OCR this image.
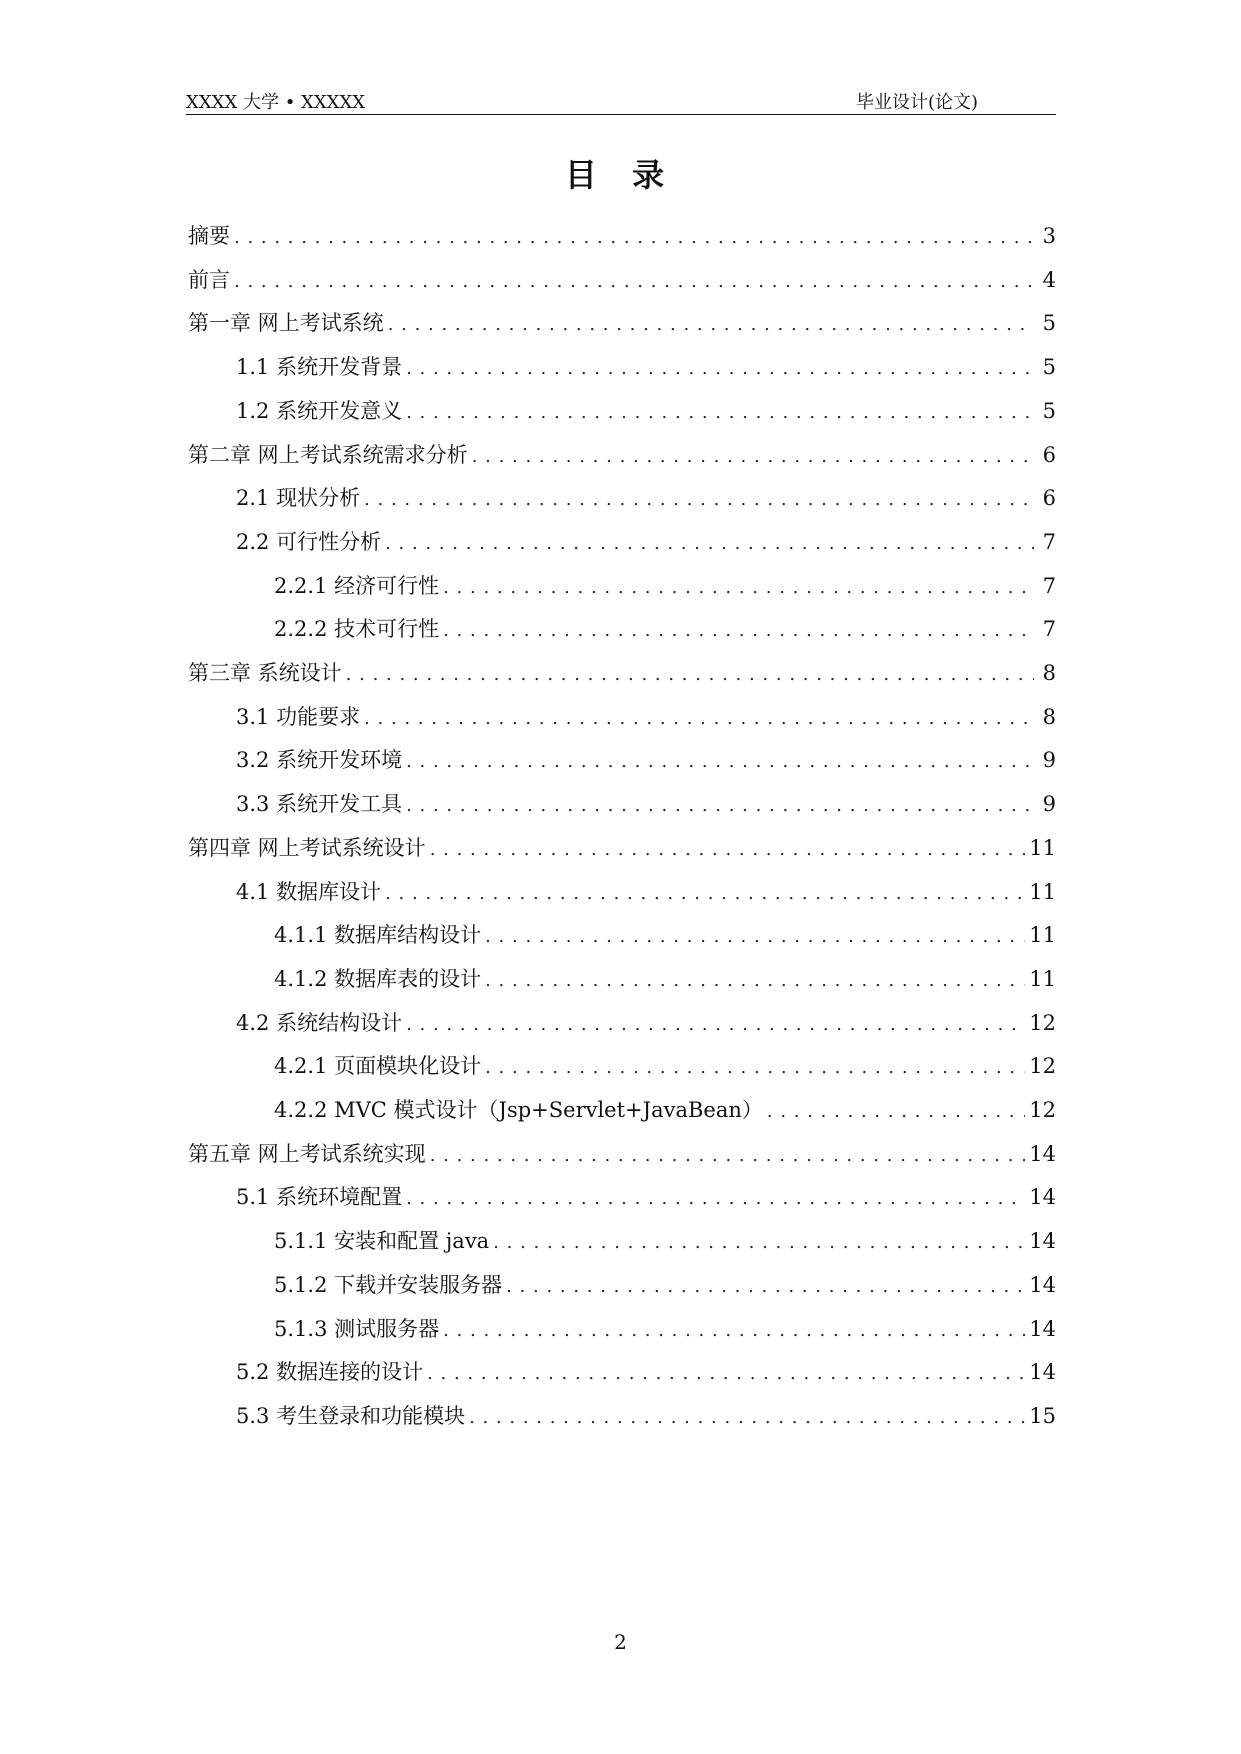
XXXX 大学 • XXXXX	毕业设计(论文)
目 录
摘要 . . .	3
前言 . . .	4
第一章 网上考试系统 . . .	5
1.1 系统开发背景 . . .	5
1.2 系统开发意义 . . .	5
第二章 网上考试系统需求分析 . . .	6
2.1 现状分析 . . .	6
2.2 可行性分析 . . .	7
2.2.1 经济可行性 . . .	7
2.2.2 技术可行性 . . .	7
第三章 系统设计 . . .	8
3.1 功能要求 . . .	8
3.2 系统开发环境 . . .	9
3.3 系统开发工具 . . .	9
第四章 网上考试系统设计 . . .	11
4.1 数据库设计 . . .	11
4.1.1 数据库结构设计 . . .	11
4.1.2 数据库表的设计 . . .	11
4.2 系统结构设计 . . .	12
4.2.1 页面模块化设计 . . .	12
4.2.2 MVC 模式设计（Jsp+Servlet+JavaBean） . . .	12
第五章 网上考试系统实现 . . .	14
5.1 系统环境配置 . . .	14
5.1.1 安装和配置 java . . .	14
5.1.2 下载并安装服务器 . . .	14
5.1.3 测试服务器 . . .	14
5.2 数据连接的设计 . . .	14
5.3 考生登录和功能模块 . . .	15
2
